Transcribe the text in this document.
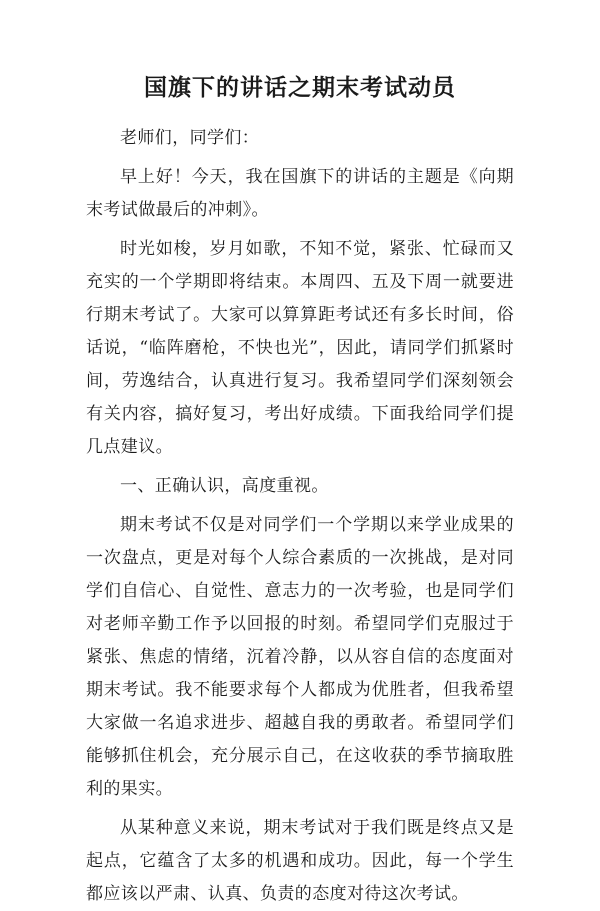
国旗下的讲话之期末考试动员

老师们，同学们：

早上好！今天，我在国旗下的讲话的主题是《向期末考试做最后的冲刺》。

时光如梭，岁月如歌，不知不觉，紧张、忙碌而又充实的一个学期即将结束。本周四、五及下周一就要进行期末考试了。大家可以算算距考试还有多长时间，俗话说，“临阵磨枪，不快也光”，因此，请同学们抓紧时间，劳逸结合，认真进行复习。我希望同学们深刻领会有关内容，搞好复习，考出好成绩。下面我给同学们提几点建议。

一、正确认识，高度重视。

期末考试不仅是对同学们一个学期以来学业成果的一次盘点，更是对每个人综合素质的一次挑战，是对同学们自信心、自觉性、意志力的一次考验，也是同学们对老师辛勤工作予以回报的时刻。希望同学们克服过于紧张、焦虑的情绪，沉着冷静，以从容自信的态度面对期末考试。我不能要求每个人都成为优胜者，但我希望大家做一名追求进步、超越自我的勇敢者。希望同学们能够抓住机会，充分展示自己，在这收获的季节摘取胜利的果实。

从某种意义来说，期末考试对于我们既是终点又是起点，它蕴含了太多的机遇和成功。因此，每一个学生都应该以严肃、认真、负责的态度对待这次考试。
